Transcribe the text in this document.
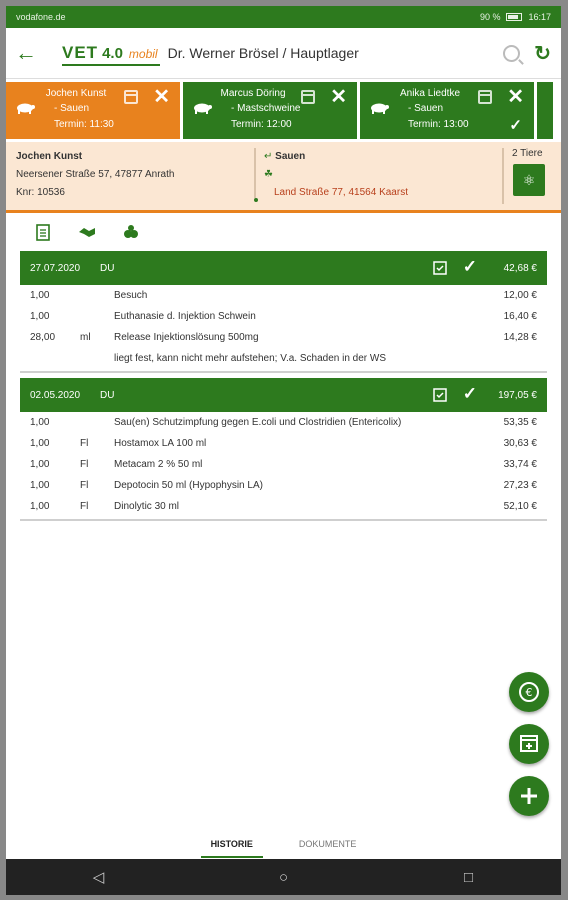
vodafone.de	90 %	16:17
←	VET 4.0 mobil Dr. Werner Brösel / Hauptlager	↻
Jochen Kunst
- Sauen
Termin: 11:30
✕	Marcus Döring
- Mastschweine
Termin: 12:00
✕	Anika Liedtke
- Sauen
Termin: 13:00
✕
✓
Jochen Kunst
Neersener Straße 57, 47877 Anrath
Knr: 10536
↵ Sauen
☘
Land Straße 77, 41564 Kaarst
2 Tiere
⚛
27.07.2020	DU	✓	42,68 €
1,00	Besuch	12,00 €
1,00	Euthanasie d. Injektion Schwein	16,40 €
28,00 ml Release Injektionslösung 500mg	14,28 €
liegt fest, kann nicht mehr aufstehen; V.a. Schaden in der WS
02.05.2020	DU	✓ 197,05 €
1,00	Sau(en) Schutzimpfung gegen E.coli und Clostridien (Entericolix)	53,35 €
1,00	Fl	Hostamox LA 100 ml	30,63 €
1,00	Fl	Metacam 2 % 50 ml	33,74 €
1,00	Fl	Depotocin 50 ml (Hypophysin LA)	27,23 €
1,00	Fl	Dinolytic 30 ml	52,10 €
€
HISTORIE	DOKUMENTE
◁	○	□
